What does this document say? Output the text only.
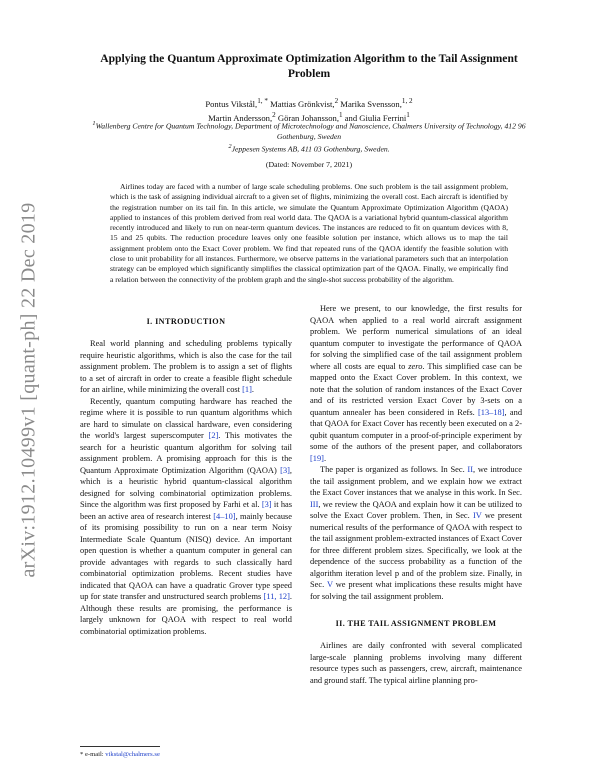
arXiv:1912.10499v1 [quant-ph] 22 Dec 2019
Applying the Quantum Approximate Optimization Algorithm to the Tail Assignment Problem
Pontus Vikstål,$^{1, *}$ Mattias Grönkvist,$^2$ Marika Svensson,$^{1, 2}$
Martin Andersson,$^2$ Göran Johansson,$^1$ and Giulia Ferrini$^1$
$^1$Wallenberg Centre for Quantum Technology, Department of Microtechnology and Nanoscience, Chalmers University of Technology, 412 96 Gothenburg, Sweden
$^2$Jeppesen Systems AB, 411 03 Gothenburg, Sweden.
(Dated: November 7, 2021)

Airlines today are faced with a number of large scale scheduling problems. One such problem is the tail assignment problem, which is the task of assigning individual aircraft to a given set of flights, minimizing the overall cost. Each aircraft is identified by the registration number on its tail fin. In this article, we simulate the Quantum Approximate Optimization Algorithm (QAOA) applied to instances of this problem derived from real world data. The QAOA is a variational hybrid quantum-classical algorithm recently introduced and likely to run on near-term quantum devices. The instances are reduced to fit on quantum devices with 8, 15 and 25 qubits. The reduction procedure leaves only one feasible solution per instance, which allows us to map the tail assignment problem onto the Exact Cover problem. We find that repeated runs of the QAOA identify the feasible solution with close to unit probability for all instances. Furthermore, we observe patterns in the variational parameters such that an interpolation strategy can be employed which significantly simplifies the classical optimization part of the QAOA. Finally, we empirically find a relation between the connectivity of the problem graph and the single-shot success probability of the algorithm.

I. INTRODUCTION

Real world planning and scheduling problems typically require heuristic algorithms, which is also the case for the tail assignment problem. The problem is to assign a set of flights to a set of aircraft in order to create a feasible flight schedule for an airline, while minimizing the overall cost [1].

Recently, quantum computing hardware has reached the regime where it is possible to run quantum algorithms which are hard to simulate on classical hardware, even considering the world's largest superscomputer [2]. This motivates the search for a heuristic quantum algorithm for solving tail assignment problem. A promising approach for this is the Quantum Approximate Optimization Algorithm (QAOA) [3], which is a heuristic hybrid quantum-classical algorithm designed for solving combinatorial optimization problems. Since the algorithm was first proposed by Farhi et al. [3] it has been an active area of research interest [4–10], mainly because of its promising possibility to run on a near term Noisy Intermediate Scale Quantum (NISQ) device. An important open question is whether a quantum computer in general can provide advantages with regards to such classically hard combinatorial optimization problems. Recent studies have indicated that QAOA can have a quadratic Grover type speed up for state transfer and unstructured search problems [11, 12]. Although these results are promising, the performance is largely unknown for QAOA with respect to real world combinatorial optimization problems.

Here we present, to our knowledge, the first results for QAOA when applied to a real world aircraft assignment problem. We perform numerical simulations of an ideal quantum computer to investigate the performance of QAOA for solving the simplified case of the tail assignment problem where all costs are equal to zero. This simplified case can be mapped onto the Exact Cover problem. In this context, we note that the solution of random instances of the Exact Cover and of its restricted version Exact Cover by 3-sets on a quantum annealer has been considered in Refs. [13–18], and that QAOA for Exact Cover has recently been executed on a 2-qubit quantum computer in a proof-of-principle experiment by some of the authors of the present paper, and collaborators [19].

The paper is organized as follows. In Sec. II, we introduce the tail assignment problem, and we explain how we extract the Exact Cover instances that we analyse in this work. In Sec. III, we review the QAOA and explain how it can be utilized to solve the Exact Cover problem. Then, in Sec. IV we present numerical results of the performance of QAOA with respect to the tail assignment problem-extracted instances of Exact Cover for three different problem sizes. Specifically, we look at the dependence of the success probability as a function of the algorithm iteration level p and of the problem size. Finally, in Sec. V we present what implications these results might have for solving the tail assignment problem.

II. THE TAIL ASSIGNMENT PROBLEM

Airlines are daily confronted with several complicated large-scale planning problems involving many different resource types such as passengers, crew, aircraft, maintenance and ground staff. The typical airline planning pro-

* e-mail: vikstal@chalmers.se
